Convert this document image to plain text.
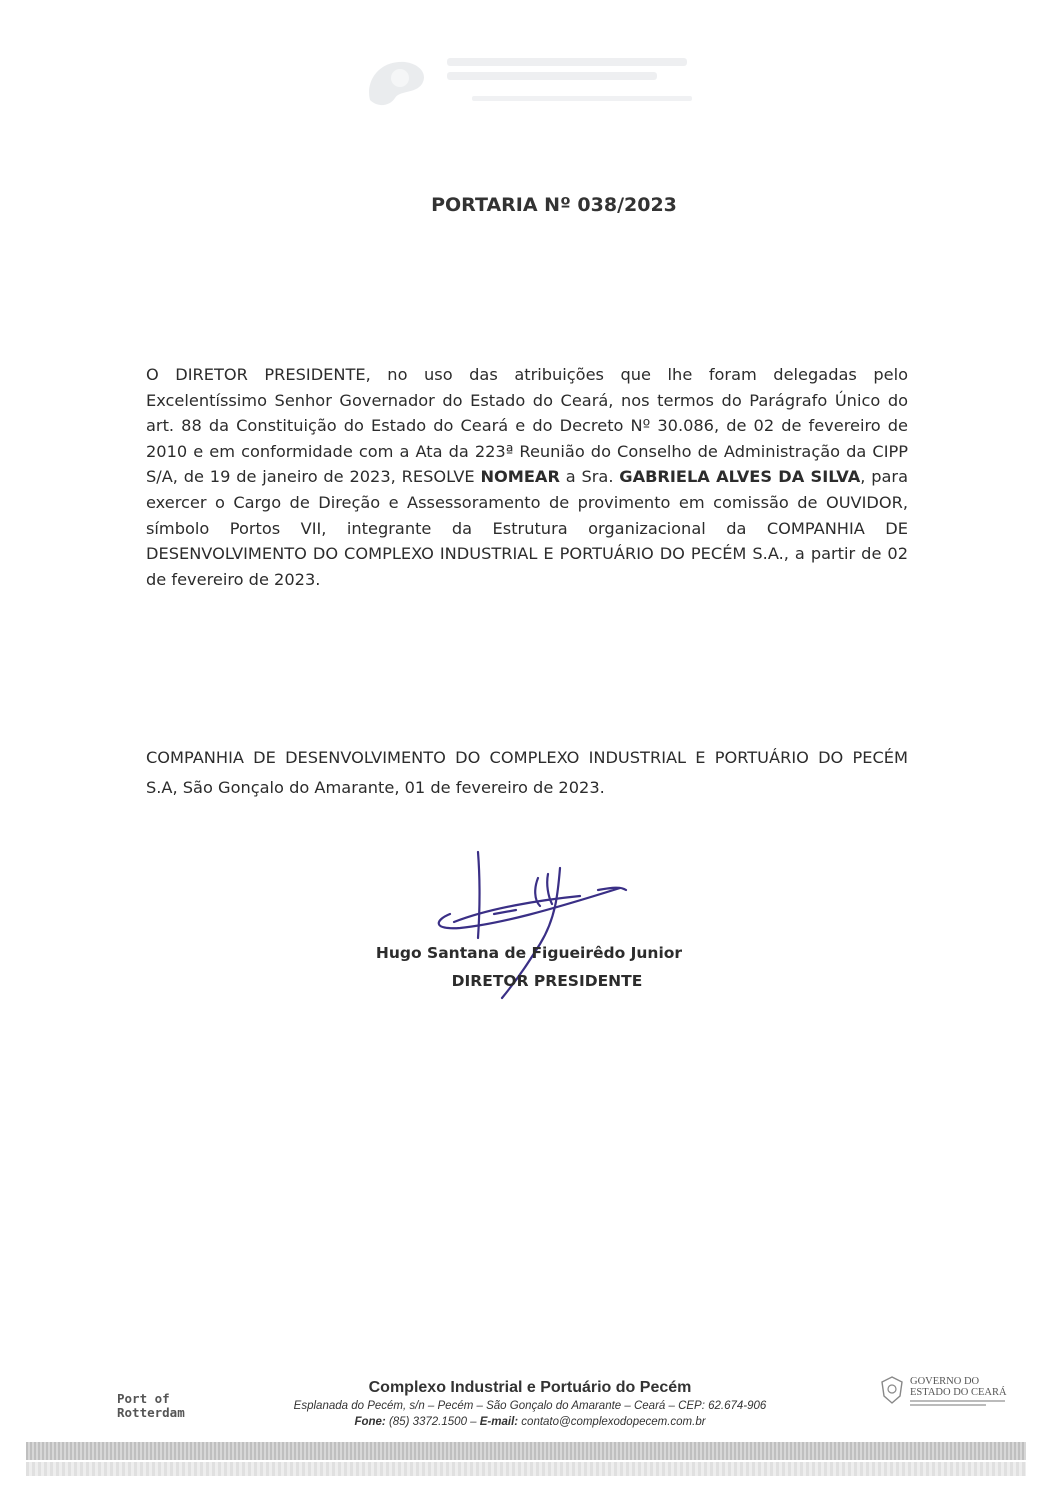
PORTARIA Nº 038/2023
O DIRETOR PRESIDENTE, no uso das atribuições que lhe foram delegadas pelo Excelentíssimo Senhor Governador do Estado do Ceará, nos termos do Parágrafo Único do art. 88 da Constituição do Estado do Ceará e do Decreto Nº 30.086, de 02 de fevereiro de 2010 e em conformidade com a Ata da 223ª Reunião do Conselho de Administração da CIPP S/A, de 19 de janeiro de 2023, RESOLVE NOMEAR a Sra. GABRIELA ALVES DA SILVA, para exercer o Cargo de Direção e Assessoramento de provimento em comissão de OUVIDOR, símbolo Portos VII, integrante da Estrutura organizacional da COMPANHIA DE DESENVOLVIMENTO DO COMPLEXO INDUSTRIAL E PORTUÁRIO DO PECÉM S.A., a partir de 02 de fevereiro de 2023.
COMPANHIA DE DESENVOLVIMENTO DO COMPLEXO INDUSTRIAL E PORTUÁRIO DO PECÉM S.A, São Gonçalo do Amarante, 01 de fevereiro de 2023.
Hugo Santana de Figueirêdo Junior
DIRETOR PRESIDENTE
Port of
Rotterdam
Complexo Industrial e Portuário do Pecém
Esplanada do Pecém, s/n – Pecém – São Gonçalo do Amarante – Ceará – CEP: 62.674-906
Fone: (85) 3372.1500 – E-mail: contato@complexodopecem.com.br
GOVERNO DO
ESTADO DO CEARÁ
